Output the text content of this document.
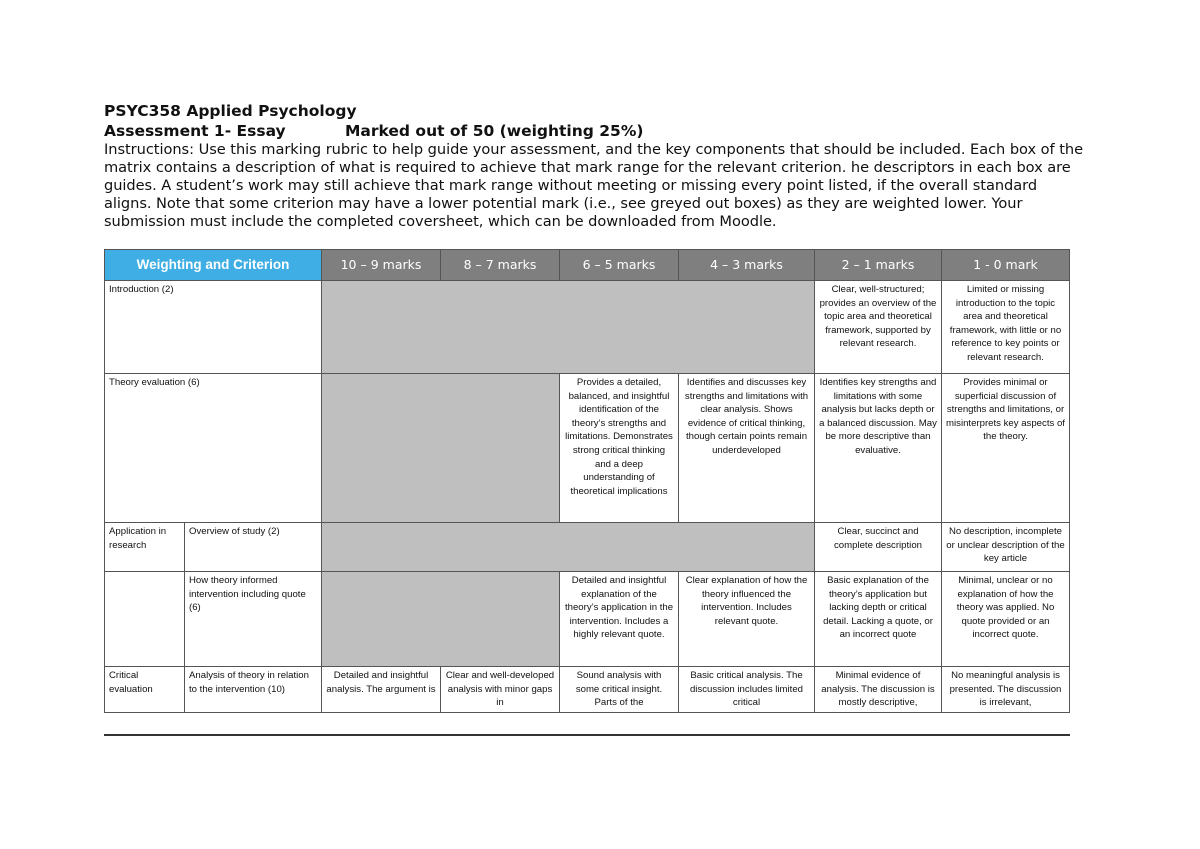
PSYC358 Applied Psychology
Assessment 1- Essay	Marked out of 50 (weighting 25%)
Instructions: Use this marking rubric to help guide your assessment, and the key components that should be included. Each box of the matrix contains a description of what is required to achieve that mark range for the relevant criterion. he descriptors in each box are guides. A student’s work may still achieve that mark range without meeting or missing every point listed, if the overall standard aligns. Note that some criterion may have a lower potential mark (i.e., see greyed out boxes) as they are weighted lower. Your submission must include the completed coversheet, which can be downloaded from Moodle.
Weighting and Criterion		10 – 9 marks	8 – 7 marks	6 – 5 marks	4 – 3 marks	2 – 1 marks	1 - 0 mark
Introduction (2)						Clear, well-structured; provides an overview of the topic area and theoretical framework, supported by relevant research.	Limited or missing introduction to the topic area and theoretical framework, with little or no reference to key points or relevant research.
Theory evaluation (6)				Provides a detailed, balanced, and insightful identification of the theory’s strengths and limitations. Demonstrates strong critical thinking and a deep understanding of theoretical implications	Identifies and discusses key strengths and limitations with clear analysis. Shows evidence of critical thinking, though certain points remain underdeveloped	Identifies key strengths and limitations with some analysis but lacks depth or a balanced discussion. May be more descriptive than evaluative.	Provides minimal or superficial discussion of strengths and limitations, or misinterprets key aspects of the theory.
Application in research	Overview of study (2)					Clear, succinct and complete description	No description, incomplete or unclear description of the key article
	How theory informed intervention including quote (6)			Detailed and insightful explanation of the theory’s application in the intervention. Includes a highly relevant quote.	Clear explanation of how the theory influenced the intervention. Includes relevant quote.	Basic explanation of the theory’s application but lacking depth or critical detail. Lacking a quote, or an incorrect quote	Minimal, unclear or no explanation of how the theory was applied. No quote provided or an incorrect quote.
Critical evaluation	Analysis of theory in relation to the intervention (10)	Detailed and insightful analysis. The argument is	Clear and well-developed analysis with minor gaps in	Sound analysis with some critical insight. Parts of the	Basic critical analysis. The discussion includes limited critical	Minimal evidence of analysis. The discussion is mostly descriptive,	No meaningful analysis is presented. The discussion is irrelevant,
